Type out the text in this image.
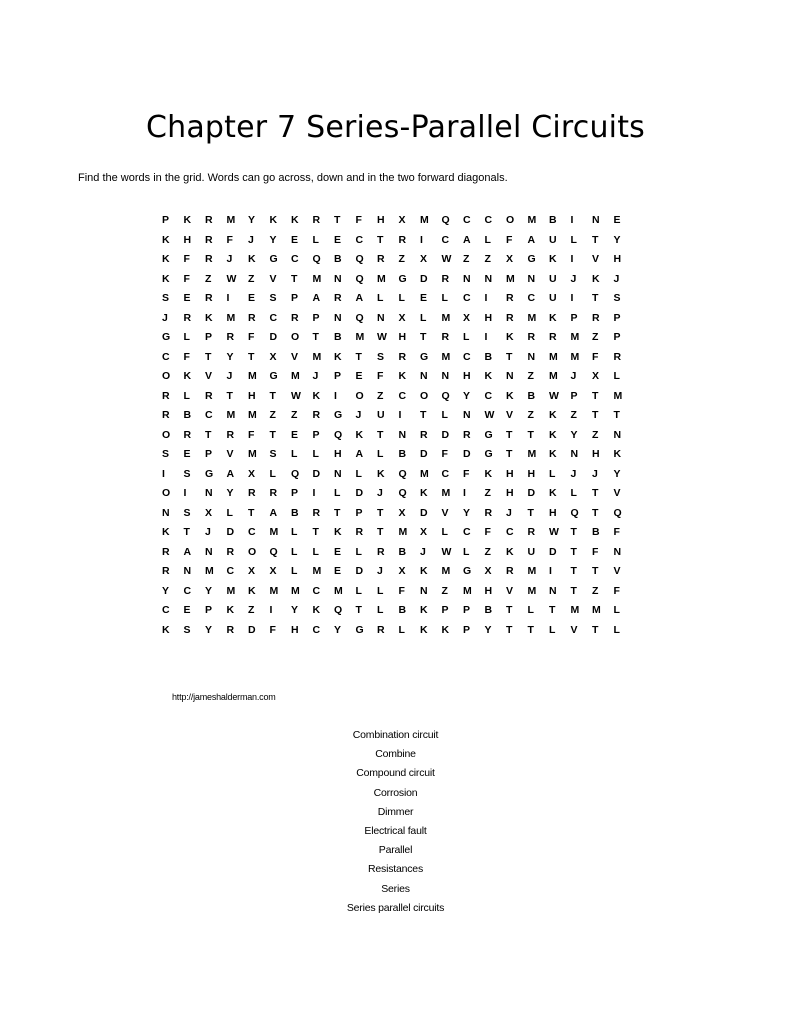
Chapter 7 Series-Parallel Circuits
Find the words in the grid. Words can go across, down and in the two forward diagonals.
P	K	R	M	Y	K	K	R	T	F	H	X	M	Q	C	C	O	M	B	I	N	E
K	H	R	F	J	Y	E	L	E	C	T	R	I	C	A	L	F	A	U	L	T	Y
K	F	R	J	K	G	C	Q	B	Q	R	Z	X	W	Z	Z	X	G	K	I	V	H
K	F	Z	W	Z	V	T	M	N	Q	M	G	D	R	N	N	M	N	U	J	K	J
S	E	R	I	E	S	P	A	R	A	L	L	E	L	C	I	R	C	U	I	T	S
J	R	K	M	R	C	R	P	N	Q	N	X	L	M	X	H	R	M	K	P	R	P
G	L	P	R	F	D	O	T	B	M	W	H	T	R	L	I	K	R	R	M	Z	P
C	F	T	Y	T	X	V	M	K	T	S	R	G	M	C	B	T	N	M	M	F	R
O	K	V	J	M	G	M	J	P	E	F	K	N	N	H	K	N	Z	M	J	X	L
R	L	R	T	H	T	W	K	I	O	Z	C	O	Q	Y	C	K	B	W	P	T	M
R	B	C	M	M	Z	Z	R	G	J	U	I	T	L	N	W	V	Z	K	Z	T	T
O	R	T	R	F	T	E	P	Q	K	T	N	R	D	R	G	T	T	K	Y	Z	N
S	E	P	V	M	S	L	L	H	A	L	B	D	F	D	G	T	M	K	N	H	K
I	S	G	A	X	L	Q	D	N	L	K	Q	M	C	F	K	H	H	L	J	J	Y
O	I	N	Y	R	R	P	I	L	D	J	Q	K	M	I	Z	H	D	K	L	T	V
N	S	X	L	T	A	B	R	T	P	T	X	D	V	Y	R	J	T	H	Q	T	Q
K	T	J	D	C	M	L	T	K	R	T	M	X	L	C	F	C	R	W	T	B	F
R	A	N	R	O	Q	L	L	E	L	R	B	J	W	L	Z	K	U	D	T	F	N
R	N	M	C	X	X	L	M	E	D	J	X	K	M	G	X	R	M	I	T	T	V
Y	C	Y	M	K	M	M	C	M	L	L	F	N	Z	M	H	V	M	N	T	Z	F
C	E	P	K	Z	I	Y	K	Q	T	L	B	K	P	P	B	T	L	T	M	M	L
K	S	Y	R	D	F	H	C	Y	G	R	L	K	K	P	Y	T	T	L	V	T	L
http://jameshalderman.com
Combination circuit
Combine
Compound circuit
Corrosion
Dimmer
Electrical fault
Parallel
Resistances
Series
Series parallel circuits
